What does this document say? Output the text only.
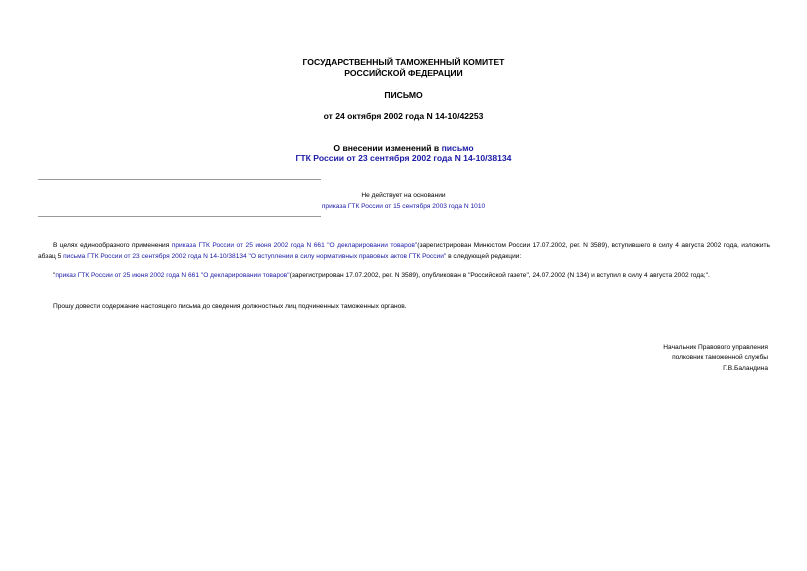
ГОСУДАРСТВЕННЫЙ ТАМОЖЕННЫЙ КОМИТЕТ
РОССИЙСКОЙ ФЕДЕРАЦИИ
ПИСЬМО
от 24 октября 2002 года N 14-10/42253
О внесении изменений в письмо
ГТК России от 23 сентября 2002 года N 14-10/38134
Не действует на основании
приказа ГТК России от 15 сентября 2003 года N 1010
В целях единообразного применения приказа ГТК России от 25 июня 2002 года N 661 "О декларировании товаров"(зарегистрирован Минюстом России 17.07.2002, рег. N 3589), вступившего в силу 4 августа 2002 года, изложить абзац 5 письма ГТК России от 23 сентября 2002 года N 14-10/38134 "О вступлении в силу нормативных правовых актов ГТК России" в следующей редакции:
"приказ ГТК России от 25 июня 2002 года N 661 "О декларировании товаров"(зарегистрирован 17.07.2002, рег. N 3589), опубликован в "Российской газете", 24.07.2002 (N 134) и вступил в силу 4 августа 2002 года;".
Прошу довести содержание настоящего письма до сведения должностных лиц подчиненных таможенных органов.
Начальник Правового управления
полковник таможенной службы
Г.В.Баландина
